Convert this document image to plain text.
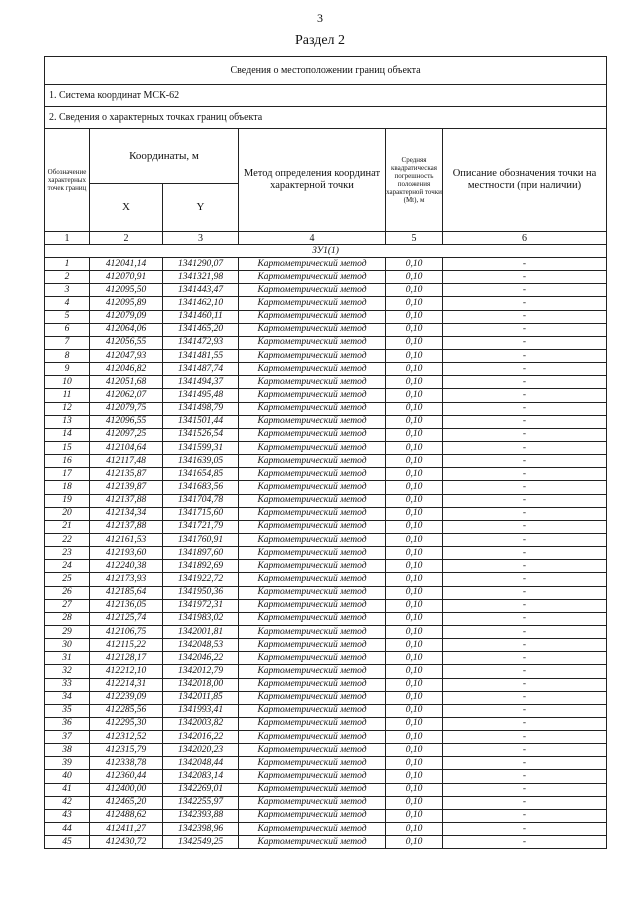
3
Раздел 2
Сведения о местоположении границ объекта					
1. Система координат МСК-62					
2. Сведения о характерных точках границ объекта					
Обозначение характерных точек границ	Координаты, м		Метод определения координат характерной точки	Средняя квадратическая погрешность положения характерной точки (Mt), м	Описание обозначения точки на местности (при наличии)
	X	Y			
1	2	3	4	5	6
ЗУ1(1)					
1	412041,14	1341290,07	Картометрический метод	0,10	-
2	412070,91	1341321,98	Картометрический метод	0,10	-
3	412095,50	1341443,47	Картометрический метод	0,10	-
4	412095,89	1341462,10	Картометрический метод	0,10	-
5	412079,09	1341460,11	Картометрический метод	0,10	-
6	412064,06	1341465,20	Картометрический метод	0,10	-
7	412056,55	1341472,93	Картометрический метод	0,10	-
8	412047,93	1341481,55	Картометрический метод	0,10	-
9	412046,82	1341487,74	Картометрический метод	0,10	-
10	412051,68	1341494,37	Картометрический метод	0,10	-
11	412062,07	1341495,48	Картометрический метод	0,10	-
12	412079,75	1341498,79	Картометрический метод	0,10	-
13	412096,55	1341501,44	Картометрический метод	0,10	-
14	412097,25	1341526,54	Картометрический метод	0,10	-
15	412104,64	1341599,31	Картометрический метод	0,10	-
16	412117,48	1341639,05	Картометрический метод	0,10	-
17	412135,87	1341654,85	Картометрический метод	0,10	-
18	412139,87	1341683,56	Картометрический метод	0,10	-
19	412137,88	1341704,78	Картометрический метод	0,10	-
20	412134,34	1341715,60	Картометрический метод	0,10	-
21	412137,88	1341721,79	Картометрический метод	0,10	-
22	412161,53	1341760,91	Картометрический метод	0,10	-
23	412193,60	1341897,60	Картометрический метод	0,10	-
24	412240,38	1341892,69	Картометрический метод	0,10	-
25	412173,93	1341922,72	Картометрический метод	0,10	-
26	412185,64	1341950,36	Картометрический метод	0,10	-
27	412136,05	1341972,31	Картометрический метод	0,10	-
28	412125,74	1341983,02	Картометрический метод	0,10	-
29	412106,75	1342001,81	Картометрический метод	0,10	-
30	412115,22	1342048,53	Картометрический метод	0,10	-
31	412128,17	1342046,22	Картометрический метод	0,10	-
32	412212,10	1342012,79	Картометрический метод	0,10	-
33	412214,31	1342018,00	Картометрический метод	0,10	-
34	412239,09	1342011,85	Картометрический метод	0,10	-
35	412285,56	1341993,41	Картометрический метод	0,10	-
36	412295,30	1342003,82	Картометрический метод	0,10	-
37	412312,52	1342016,22	Картометрический метод	0,10	-
38	412315,79	1342020,23	Картометрический метод	0,10	-
39	412338,78	1342048,44	Картометрический метод	0,10	-
40	412360,44	1342083,14	Картометрический метод	0,10	-
41	412400,00	1342269,01	Картометрический метод	0,10	-
42	412465,20	1342255,97	Картометрический метод	0,10	-
43	412488,62	1342393,88	Картометрический метод	0,10	-
44	412411,27	1342398,96	Картометрический метод	0,10	-
45	412430,72	1342549,25	Картометрический метод	0,10	-
